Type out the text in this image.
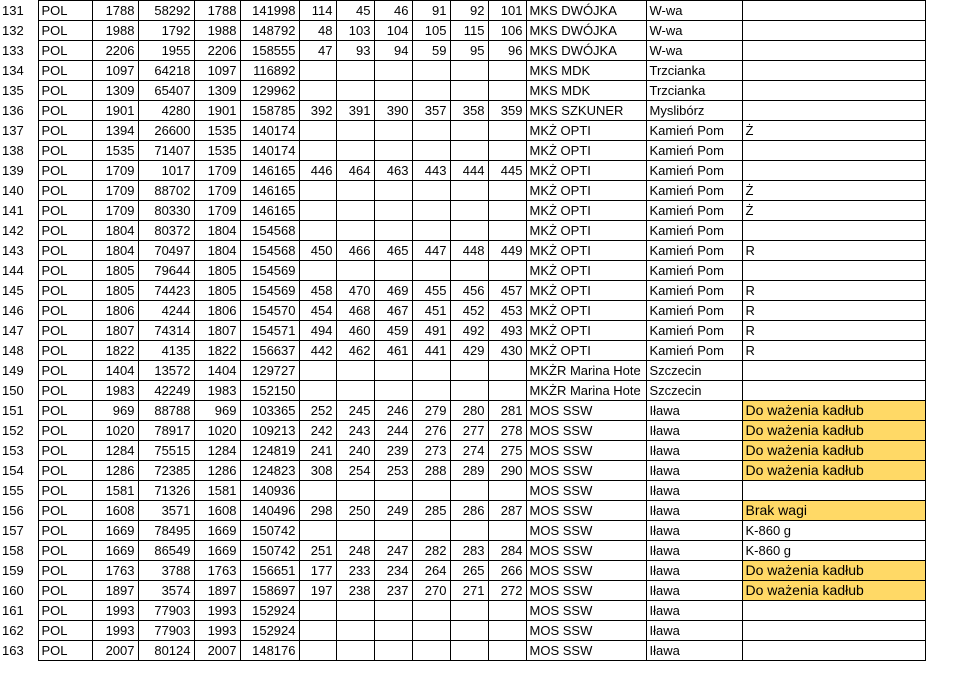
131	POL	1788	58292	1788	141998	114	45	46	91	92	101	MKS DWÓJKA	W-wa	
132	POL	1988	1792	1988	148792	48	103	104	105	115	106	MKS DWÓJKA	W-wa	
133	POL	2206	1955	2206	158555	47	93	94	59	95	96	MKS DWÓJKA	W-wa	
134	POL	1097	64218	1097	116892							MKS MDK	Trzcianka	
135	POL	1309	65407	1309	129962							MKS MDK	Trzcianka	
136	POL	1901	4280	1901	158785	392	391	390	357	358	359	MKS SZKUNER	Myslibórz	
137	POL	1394	26600	1535	140174							MKŻ OPTI	Kamień Pom	Ż
138	POL	1535	71407	1535	140174							MKŻ OPTI	Kamień Pom	
139	POL	1709	1017	1709	146165	446	464	463	443	444	445	MKŻ OPTI	Kamień Pom	
140	POL	1709	88702	1709	146165							MKŻ OPTI	Kamień Pom	Ż
141	POL	1709	80330	1709	146165							MKŻ OPTI	Kamień Pom	Ż
142	POL	1804	80372	1804	154568							MKŻ OPTI	Kamień Pom	
143	POL	1804	70497	1804	154568	450	466	465	447	448	449	MKŻ OPTI	Kamień Pom	R
144	POL	1805	79644	1805	154569							MKŻ OPTI	Kamień Pom	
145	POL	1805	74423	1805	154569	458	470	469	455	456	457	MKŻ OPTI	Kamień Pom	R
146	POL	1806	4244	1806	154570	454	468	467	451	452	453	MKŻ OPTI	Kamień Pom	R
147	POL	1807	74314	1807	154571	494	460	459	491	492	493	MKŻ OPTI	Kamień Pom	R
148	POL	1822	4135	1822	156637	442	462	461	441	429	430	MKŻ OPTI	Kamień Pom	R
149	POL	1404	13572	1404	129727							MKŻR Marina Hote	Szczecin	
150	POL	1983	42249	1983	152150							MKŻR Marina Hote	Szczecin	
151	POL	969	88788	969	103365	252	245	246	279	280	281	MOS SSW	Iława	Do ważenia kadłub
152	POL	1020	78917	1020	109213	242	243	244	276	277	278	MOS SSW	Iława	Do ważenia kadłub
153	POL	1284	75515	1284	124819	241	240	239	273	274	275	MOS SSW	Iława	Do ważenia kadłub
154	POL	1286	72385	1286	124823	308	254	253	288	289	290	MOS SSW	Iława	Do ważenia kadłub
155	POL	1581	71326	1581	140936							MOS SSW	Iława	
156	POL	1608	3571	1608	140496	298	250	249	285	286	287	MOS SSW	Iława	Brak wagi
157	POL	1669	78495	1669	150742							MOS SSW	Iława	K-860 g
158	POL	1669	86549	1669	150742	251	248	247	282	283	284	MOS SSW	Iława	K-860 g
159	POL	1763	3788	1763	156651	177	233	234	264	265	266	MOS SSW	Iława	Do ważenia kadłub
160	POL	1897	3574	1897	158697	197	238	237	270	271	272	MOS SSW	Iława	Do ważenia kadłub
161	POL	1993	77903	1993	152924							MOS SSW	Iława	
162	POL	1993	77903	1993	152924							MOS SSW	Iława	
163	POL	2007	80124	2007	148176							MOS SSW	Iława	
